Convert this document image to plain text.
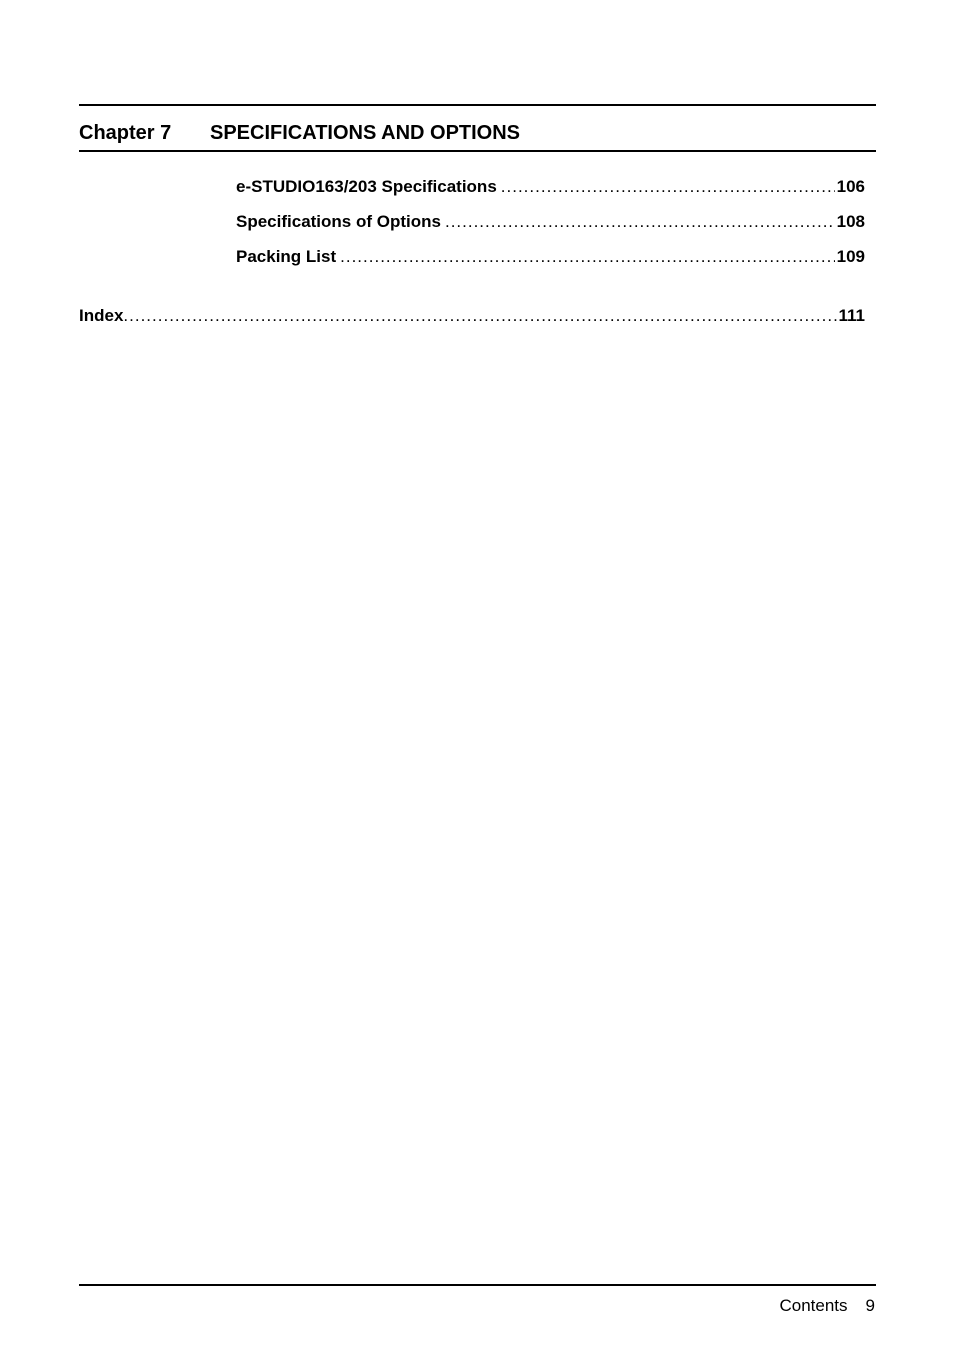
Chapter 7 SPECIFICATIONS AND OPTIONS
e-STUDIO163/203 Specifications .....	106
Specifications of Options .....	108
Packing List .....	109
Index .....	111
Contents 9
